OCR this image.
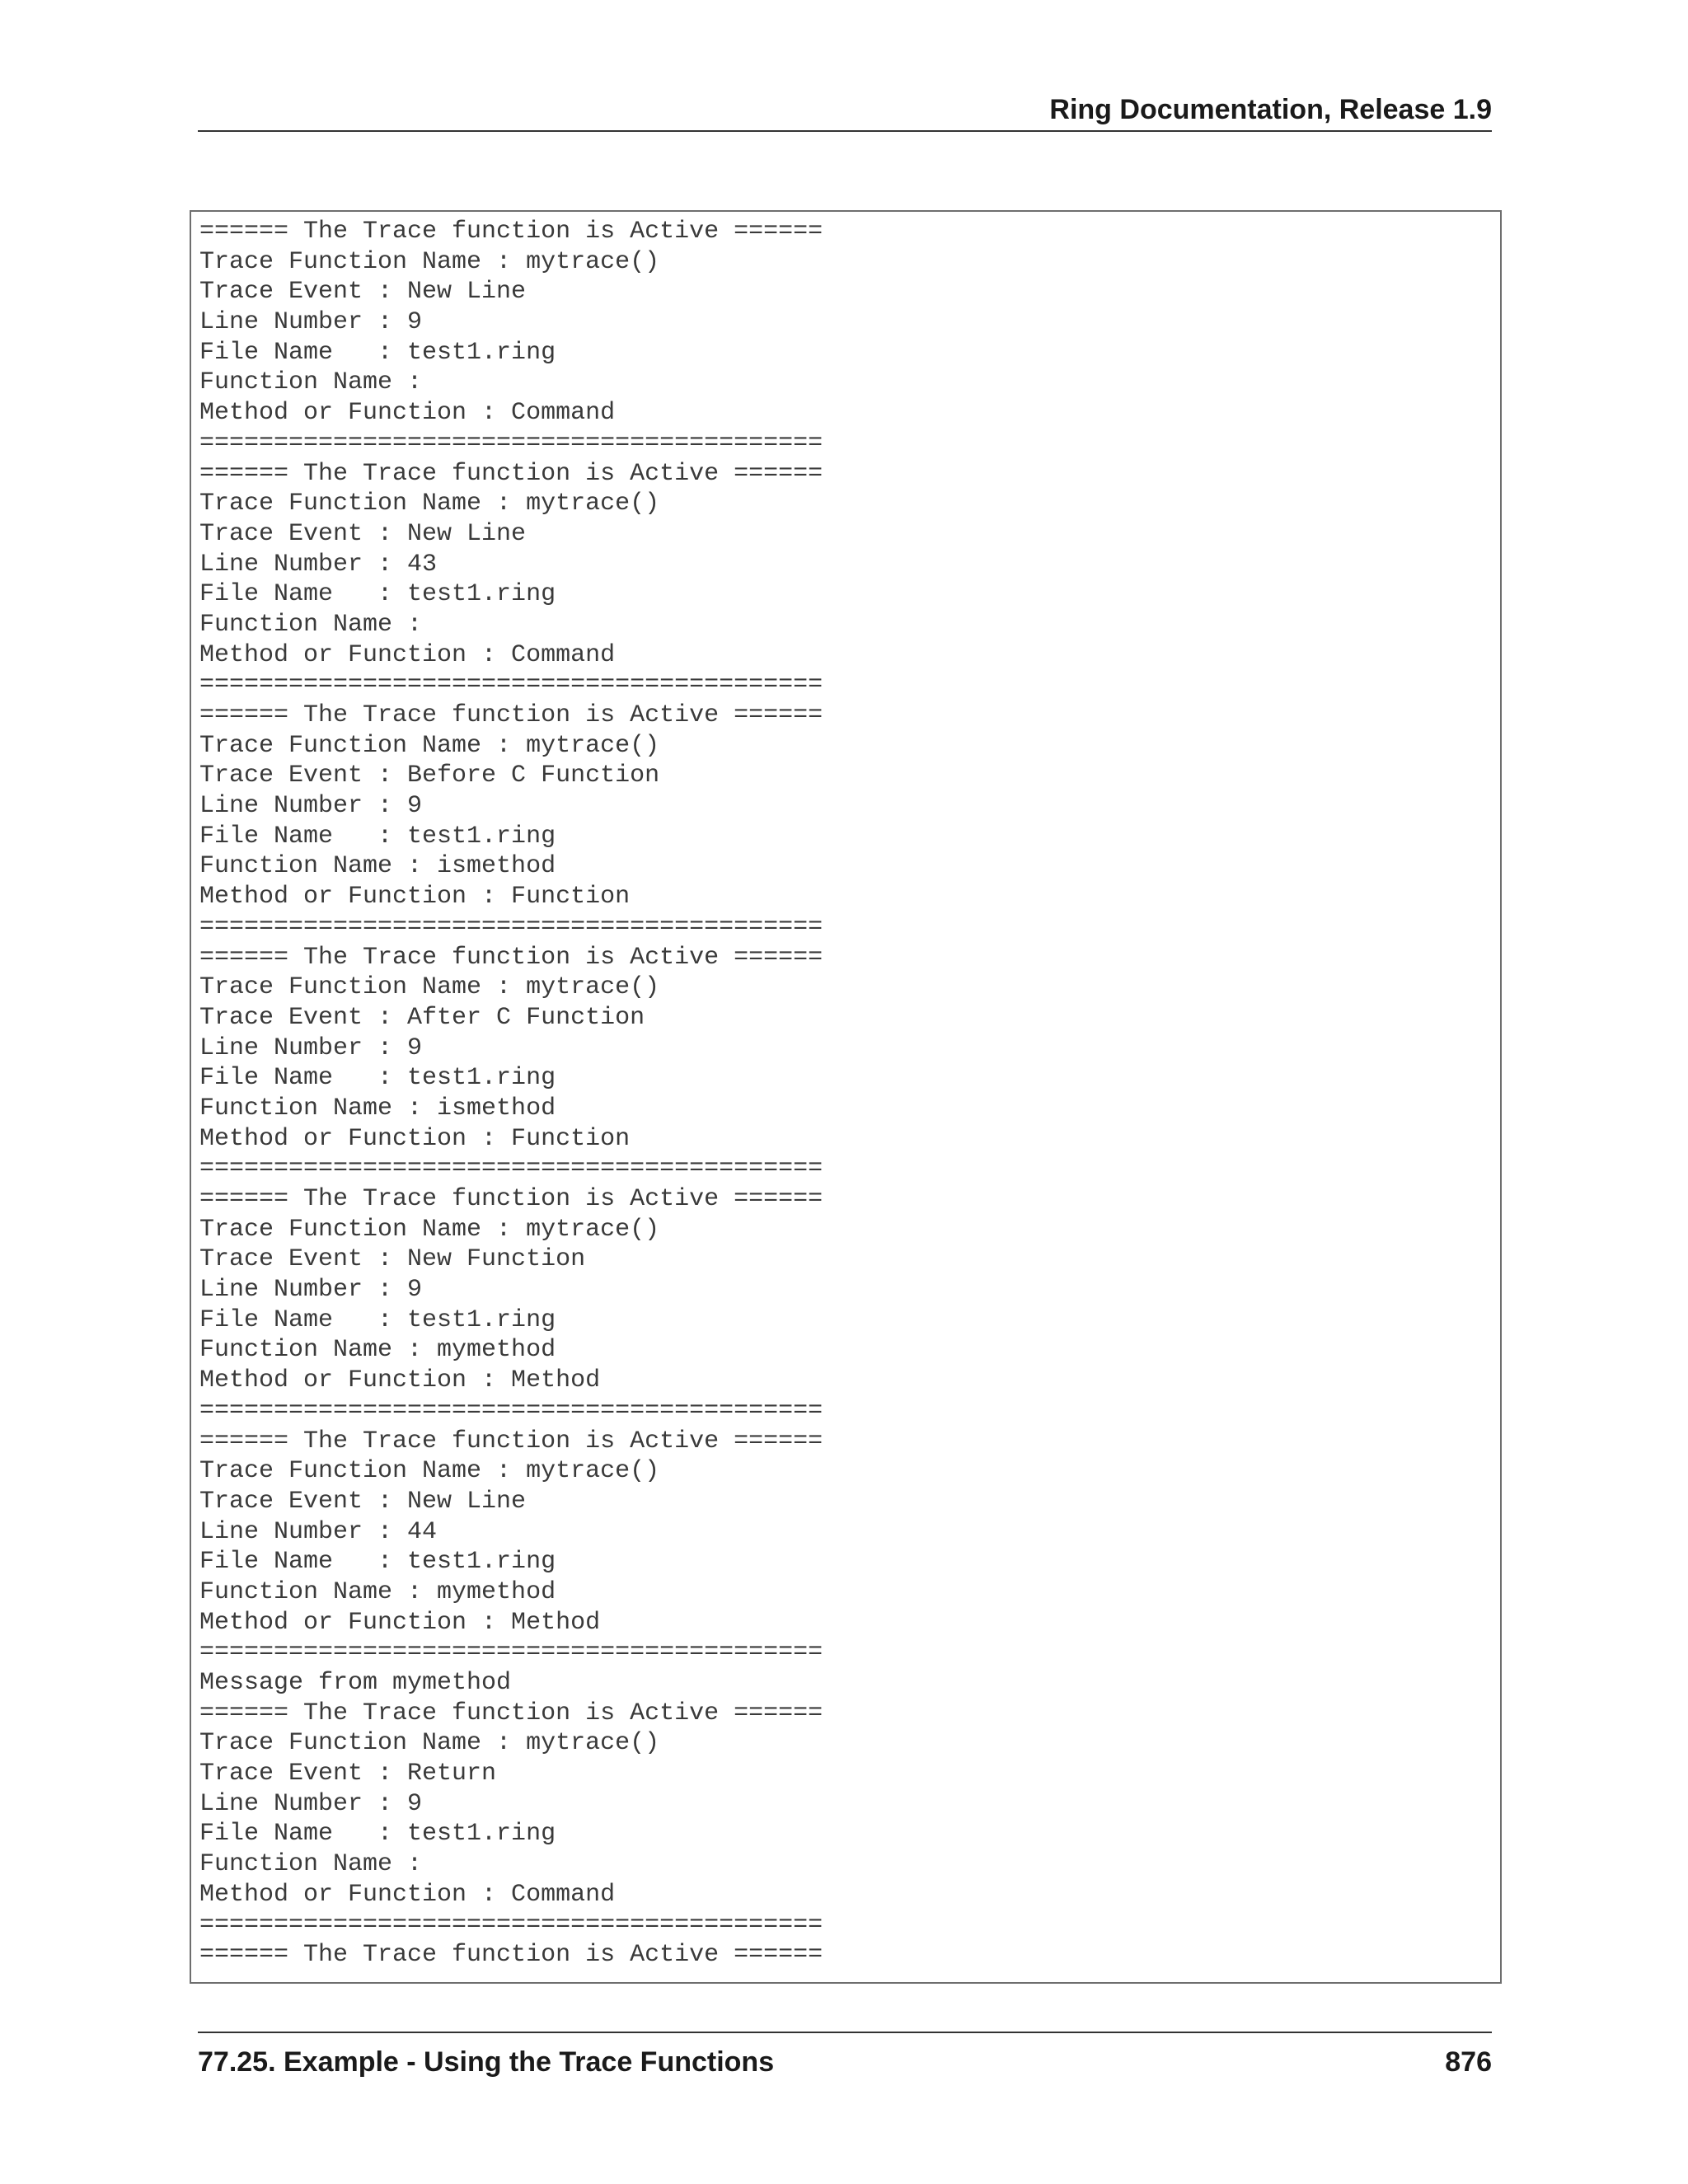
Ring Documentation, Release 1.9
====== The Trace function is Active ======
Trace Function Name : mytrace()
Trace Event : New Line
Line Number : 9
File Name   : test1.ring
Function Name :
Method or Function : Command
==========================================
====== The Trace function is Active ======
Trace Function Name : mytrace()
Trace Event : New Line
Line Number : 43
File Name   : test1.ring
Function Name :
Method or Function : Command
==========================================
====== The Trace function is Active ======
Trace Function Name : mytrace()
Trace Event : Before C Function
Line Number : 9
File Name   : test1.ring
Function Name : ismethod
Method or Function : Function
==========================================
====== The Trace function is Active ======
Trace Function Name : mytrace()
Trace Event : After C Function
Line Number : 9
File Name   : test1.ring
Function Name : ismethod
Method or Function : Function
==========================================
====== The Trace function is Active ======
Trace Function Name : mytrace()
Trace Event : New Function
Line Number : 9
File Name   : test1.ring
Function Name : mymethod
Method or Function : Method
==========================================
====== The Trace function is Active ======
Trace Function Name : mytrace()
Trace Event : New Line
Line Number : 44
File Name   : test1.ring
Function Name : mymethod
Method or Function : Method
==========================================
Message from mymethod
====== The Trace function is Active ======
Trace Function Name : mytrace()
Trace Event : Return
Line Number : 9
File Name   : test1.ring
Function Name :
Method or Function : Command
==========================================
====== The Trace function is Active ======
77.25. Example - Using the Trace Functions	876
